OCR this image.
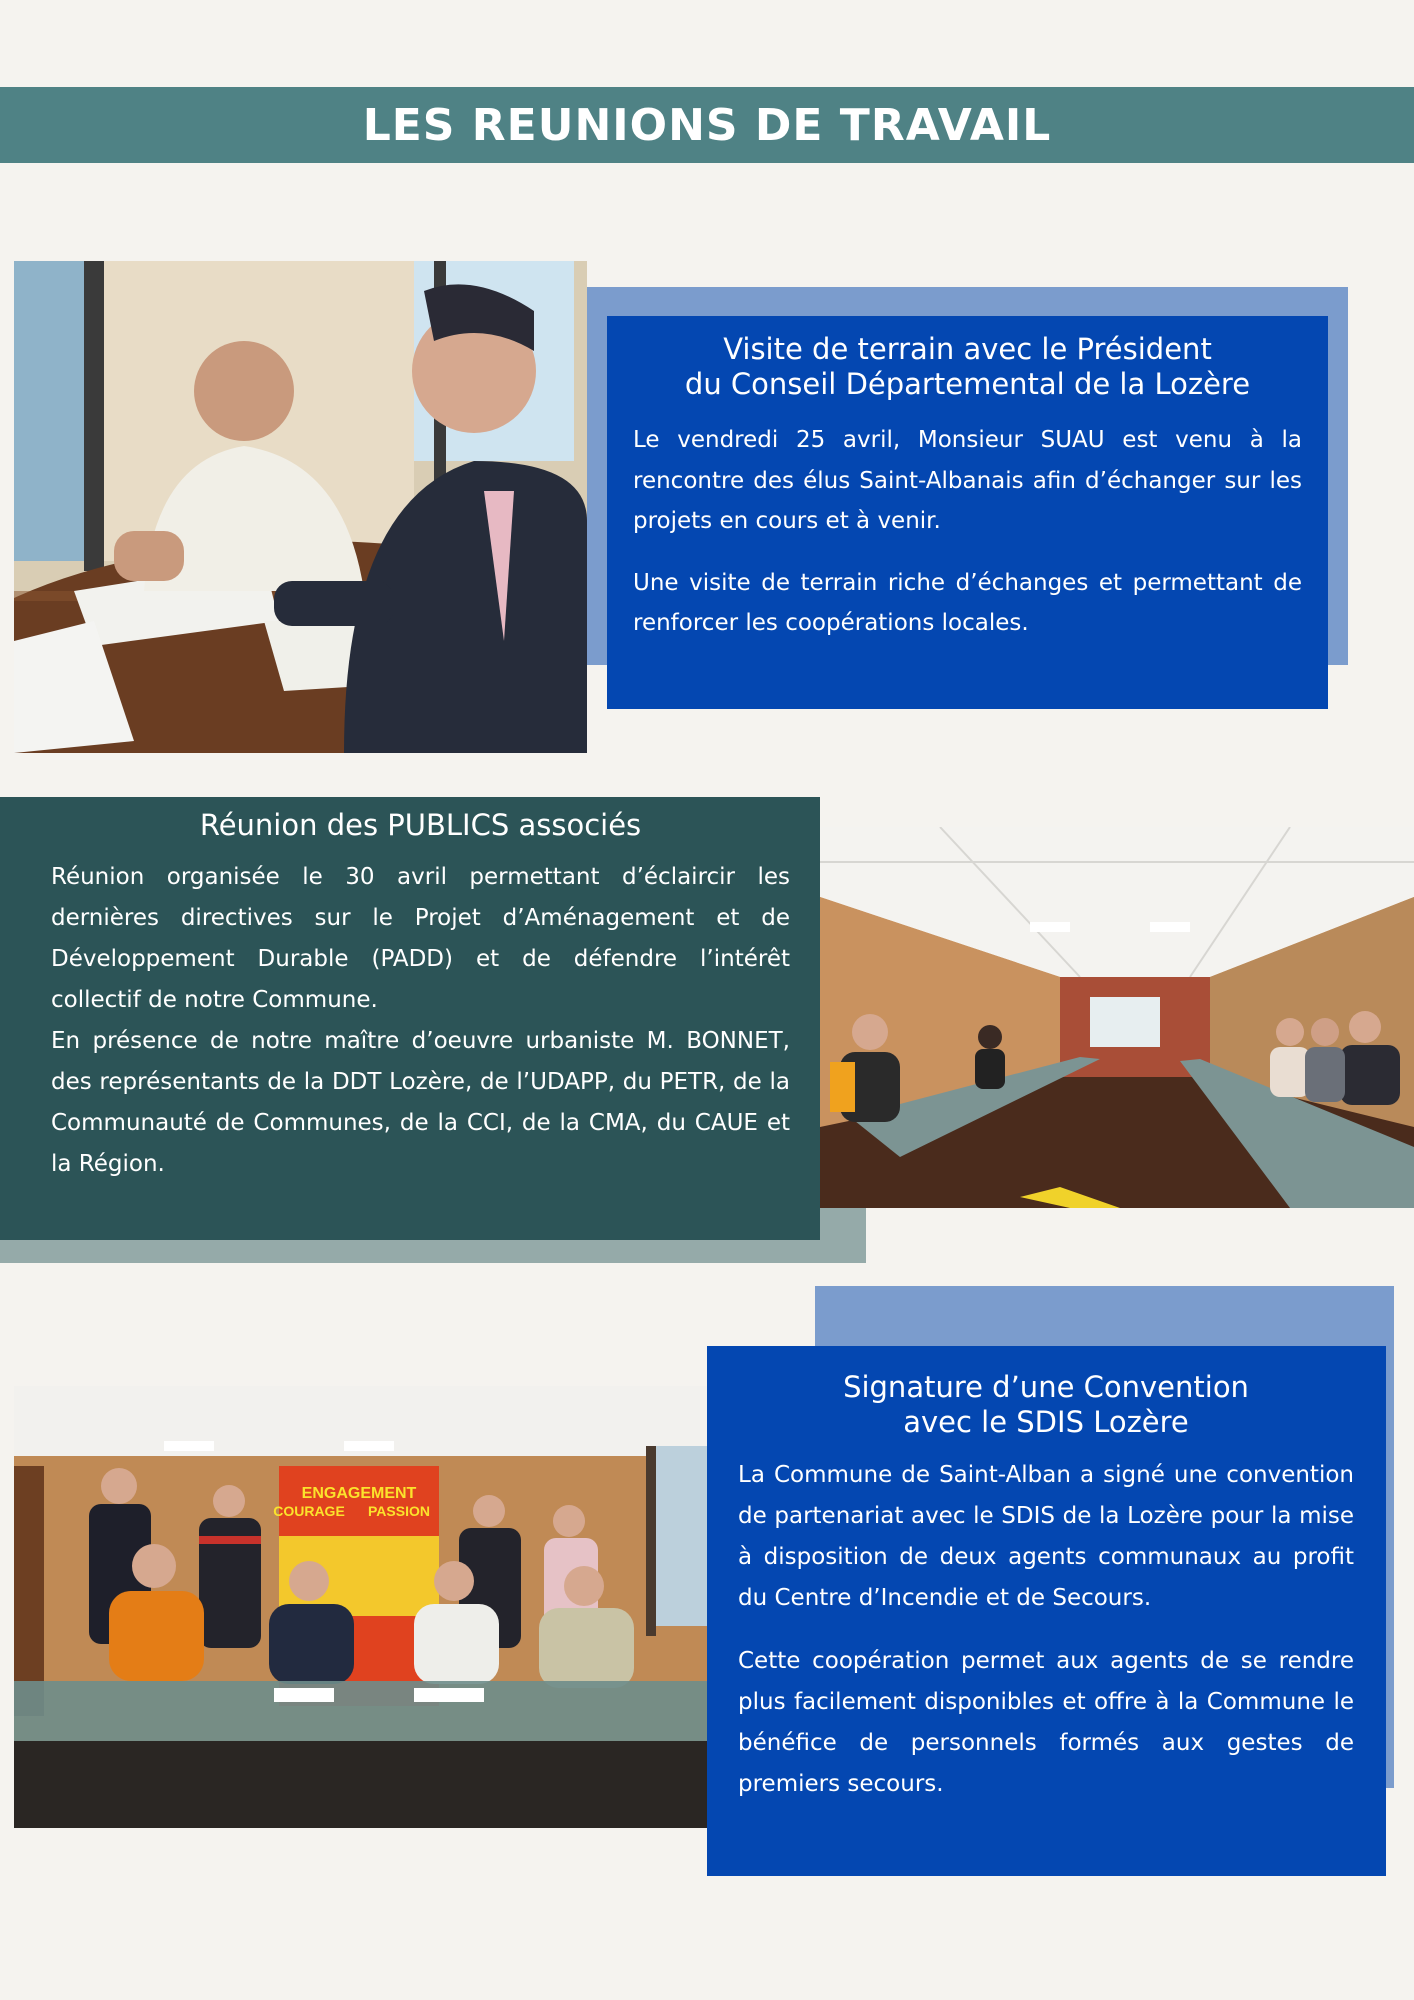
LES REUNIONS DE TRAVAIL
Visite de terrain avec le Président
du Conseil Départemental de la Lozère

Le vendredi 25 avril, Monsieur SUAU est venu à la rencontre des élus Saint-Albanais afin d’échanger sur les projets en cours et à venir.

Une visite de terrain riche d’échanges et permettant de renforcer les coopérations locales.

Réunion des PUBLICS associés

Réunion organisée le 30 avril permettant d’éclaircir les dernières directives sur le Projet d’Aménagement et de Développement Durable (PADD) et de défendre l’intérêt collectif de notre Commune.

En présence de notre maître d’oeuvre urbaniste M. BONNET, des représentants de la DDT Lozère, de l’UDAPP, du PETR, de la Communauté de Communes, de la CCI, de la CMA, du CAUE et la Région.

ENGAGEMENT
COURAGE PASSION
Signature d’une Convention
avec le SDIS Lozère

La Commune de Saint-Alban a signé une convention de partenariat avec le SDIS de la Lozère pour la mise à disposition de deux agents communaux au profit du Centre d’Incendie et de Secours.

Cette coopération permet aux agents de se rendre plus facilement disponibles et offre à la Commune le bénéfice de personnels formés aux gestes de premiers secours.
